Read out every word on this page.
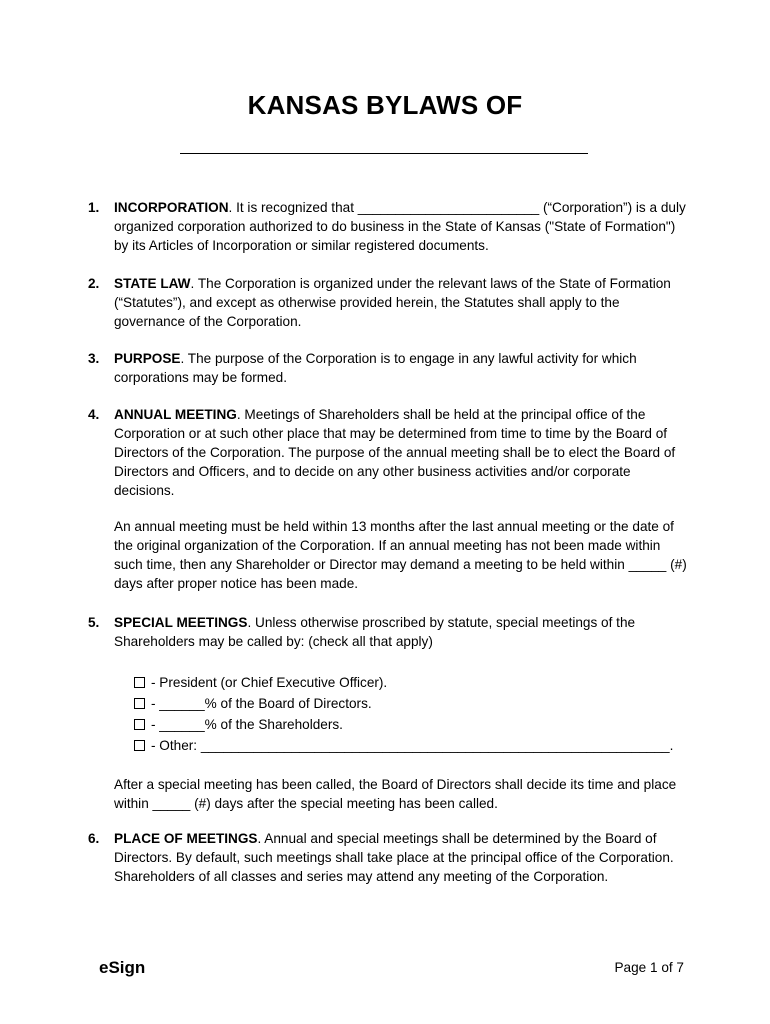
KANSAS BYLAWS OF
1. INCORPORATION. It is recognized that ________________________ (“Corporation”) is a duly organized corporation authorized to do business in the State of Kansas ("State of Formation") by its Articles of Incorporation or similar registered documents.

2. STATE LAW. The Corporation is organized under the relevant laws of the State of Formation (“Statutes”), and except as otherwise provided herein, the Statutes shall apply to the governance of the Corporation.

3. PURPOSE. The purpose of the Corporation is to engage in any lawful activity for which corporations may be formed.

4. ANNUAL MEETING. Meetings of Shareholders shall be held at the principal office of the Corporation or at such other place that may be determined from time to time by the Board of Directors of the Corporation. The purpose of the annual meeting shall be to elect the Board of Directors and Officers, and to decide on any other business activities and/or corporate decisions.

An annual meeting must be held within 13 months after the last annual meeting or the date of the original organization of the Corporation. If an annual meeting has not been made within such time, then any Shareholder or Director may demand a meeting to be held within _____ (#) days after proper notice has been made.

5. SPECIAL MEETINGS. Unless otherwise proscribed by statute, special meetings of the Shareholders may be called by: (check all that apply)

- President (or Chief Executive Officer).
- ______% of the Board of Directors.
- ______% of the Shareholders.
- Other: ______________________________________________________________.

After a special meeting has been called, the Board of Directors shall decide its time and place within _____ (#) days after the special meeting has been called.

6. PLACE OF MEETINGS. Annual and special meetings shall be determined by the Board of Directors. By default, such meetings shall take place at the principal office of the Corporation. Shareholders of all classes and series may attend any meeting of the Corporation.

eSign	Page 1 of 7
